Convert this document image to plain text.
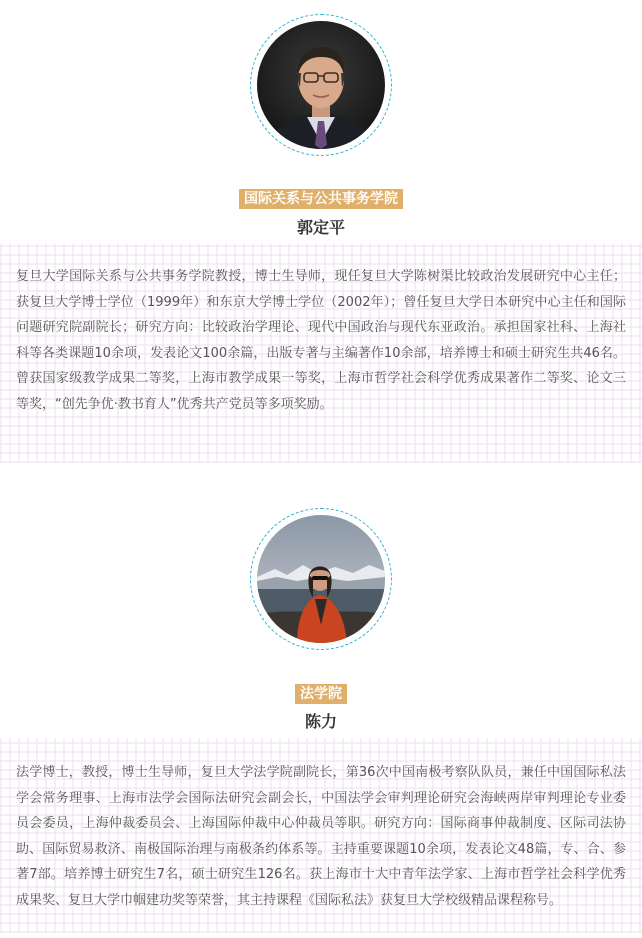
国际关系与公共事务学院
郭定平

复旦大学国际关系与公共事务学院教授，博士生导师，现任复旦大学陈树渠比较政治发展研究中心主任；获复旦大学博士学位（1999年）和东京大学博士学位（2002年）；曾任复旦大学日本研究中心主任和国际问题研究院副院长；研究方向：比较政治学理论、现代中国政治与现代东亚政治。承担国家社科、上海社科等各类课题10余项，发表论文100余篇，出版专著与主编著作10余部，培养博士和硕士研究生共46名。曾获国家级教学成果二等奖，上海市教学成果一等奖，上海市哲学社会科学优秀成果著作二等奖、论文三等奖，“创先争优·教书育人”优秀共产党员等多项奖励。

法学院
陈力

法学博士，教授，博士生导师，复旦大学法学院副院长，第36次中国南极考察队队员，兼任中国国际私法学会常务理事、上海市法学会国际法研究会副会长，中国法学会审判理论研究会海峡两岸审判理论专业委员会委员，上海仲裁委员会、上海国际仲裁中心仲裁员等职。研究方向：国际商事仲裁制度、区际司法协助、国际贸易救济、南极国际治理与南极条约体系等。主持重要课题10余项，发表论文48篇，专、合、参著7部。培养博士研究生7名，硕士研究生126名。获上海市十大中青年法学家、上海市哲学社会科学优秀成果奖、复旦大学巾帼建功奖等荣誉，其主持课程《国际私法》获复旦大学校级精品课程称号。
